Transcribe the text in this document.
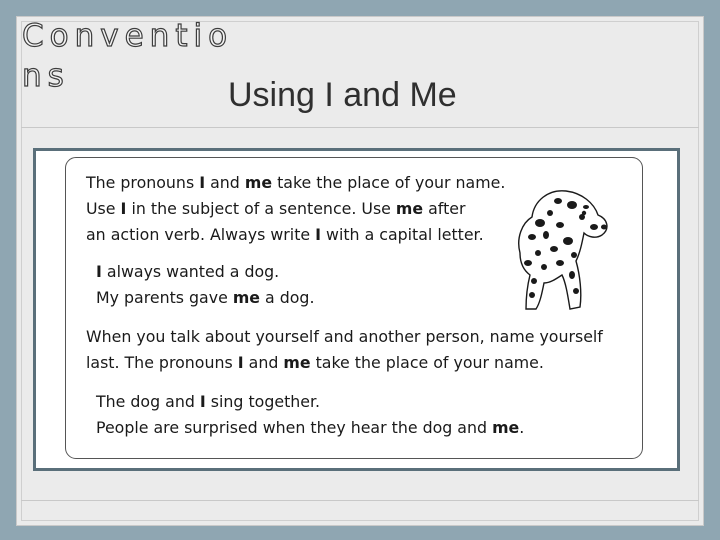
Conventions	Using I and Me
The pronouns I and me take the place of your name.
Use I in the subject of a sentence. Use me after
an action verb. Always write I with a capital letter.
I always wanted a dog.
My parents gave me a dog.
When you talk about yourself and another person, name yourself
last. The pronouns I and me take the place of your name.
The dog and I sing together.
People are surprised when they hear the dog and me.
